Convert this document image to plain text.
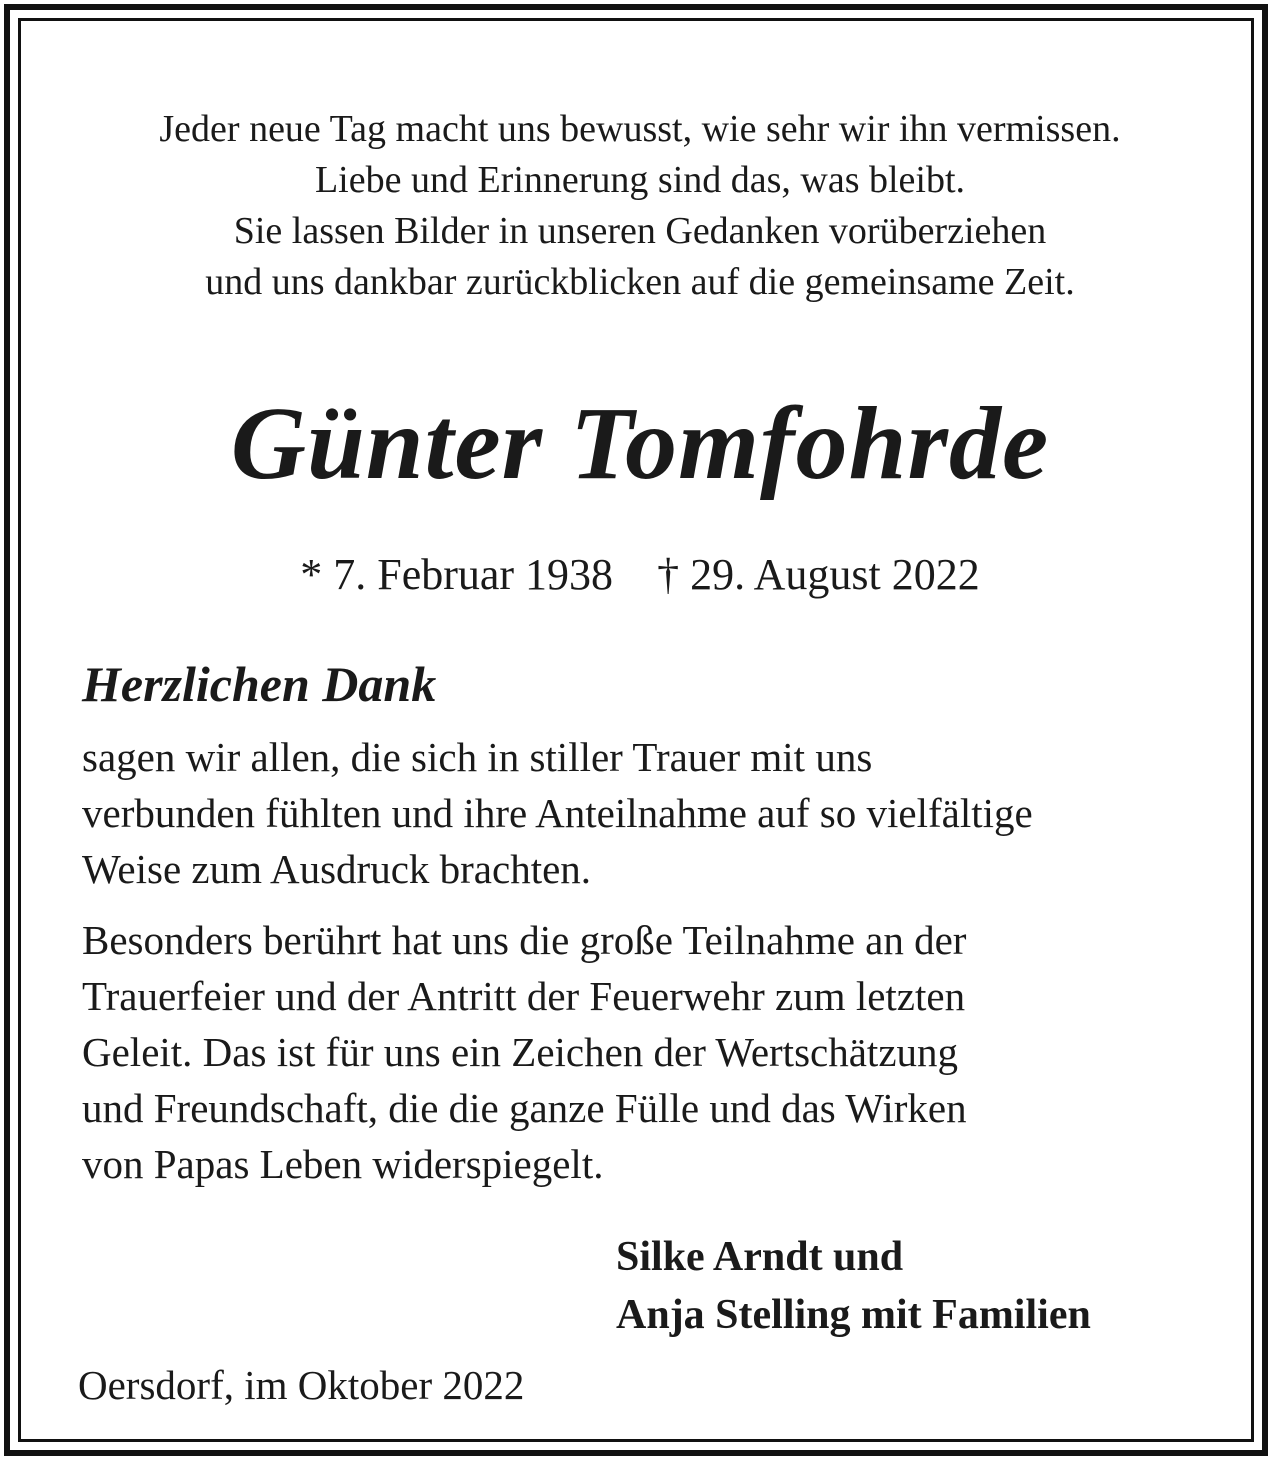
Jeder neue Tag macht uns bewusst, wie sehr wir ihn vermissen.
Liebe und Erinnerung sind das, was bleibt.
Sie lassen Bilder in unseren Gedanken vorüberziehen
und uns dankbar zurückblicken auf die gemeinsame Zeit.

Günter Tomfohrde

* 7. Februar 1938 † 29. August 2022

Herzlichen Dank

sagen wir allen, die sich in stiller Trauer mit uns
verbunden fühlten und ihre Anteilnahme auf so vielfältige
Weise zum Ausdruck brachten.

Besonders berührt hat uns die große Teilnahme an der
Trauerfeier und der Antritt der Feuerwehr zum letzten
Geleit. Das ist für uns ein Zeichen der Wertschätzung
und Freundschaft, die die ganze Fülle und das Wirken
von Papas Leben widerspiegelt.

Silke Arndt und
Anja Stelling mit Familien

Oersdorf, im Oktober 2022
